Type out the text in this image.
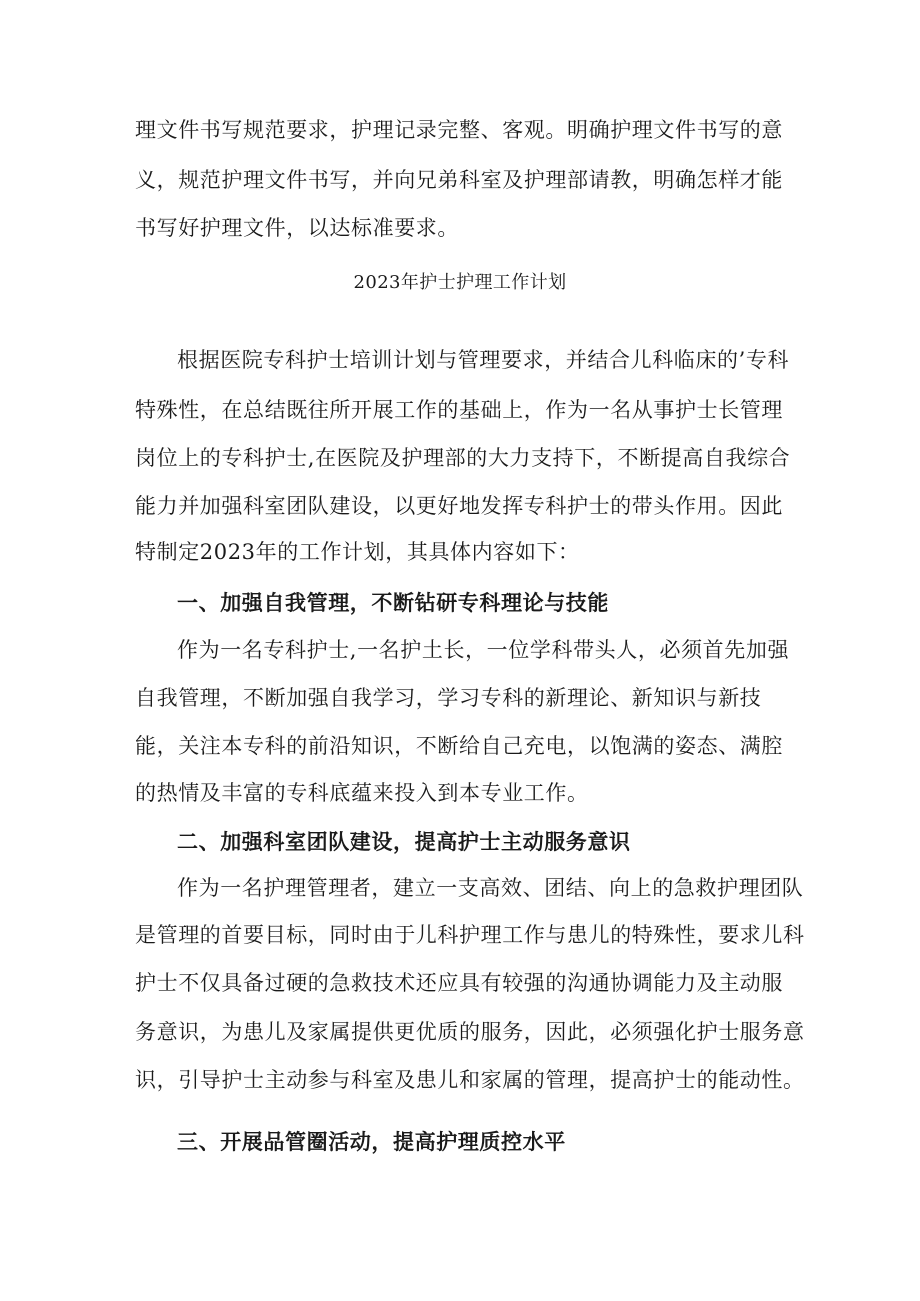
理文件书写规范要求，护理记录完整、客观。明确护理文件书写的意
义，规范护理文件书写，并向兄弟科室及护理部请教，明确怎样才能
书写好护理文件，以达标准要求。
2023年护士护理工作计划
根据医院专科护士培训计划与管理要求，并结合儿科临床的’专科
特殊性，在总结既往所开展工作的基础上，作为一名从事护士长管理
岗位上的专科护士,在医院及护理部的大力支持下，不断提高自我综合
能力并加强科室团队建设，以更好地发挥专科护士的带头作用。因此
特制定2023年的工作计划，其具体内容如下：
一、加强自我管理，不断钻研专科理论与技能
作为一名专科护士,一名护土长，一位学科带头人，必须首先加强
自我管理，不断加强自我学习，学习专科的新理论、新知识与新技
能，关注本专科的前沿知识，不断给自己充电，以饱满的姿态、满腔
的热情及丰富的专科底蕴来投入到本专业工作。
二、加强科室团队建设，提高护士主动服务意识
作为一名护理管理者，建立一支高效、团结、向上的急救护理团队
是管理的首要目标，同时由于儿科护理工作与患儿的特殊性，要求儿科
护士不仅具备过硬的急救技术还应具有较强的沟通协调能力及主动服
务意识，为患儿及家属提供更优质的服务，因此，必须强化护士服务意
识，引导护士主动参与科室及患儿和家属的管理，提高护士的能动性。
三、开展品管圈活动，提高护理质控水平
